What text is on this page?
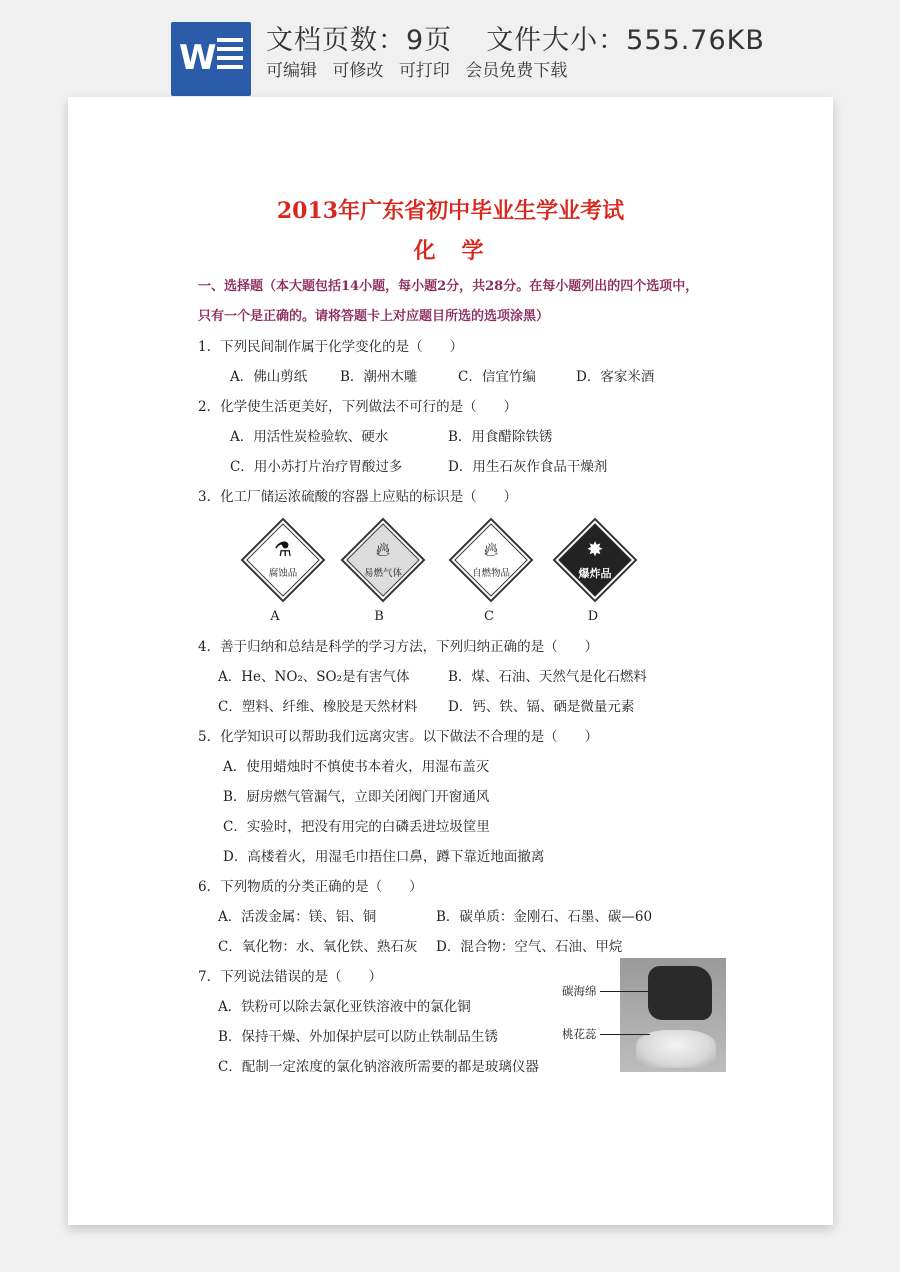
W 文档页数：9页 文件大小：555.76KB
可编辑 可修改 可打印 会员免费下载
2013年广东省初中毕业生学业考试
化学
一、选择题（本大题包括14小题，每小题2分，共28分。在每小题列出的四个选项中，
只有一个是正确的。请将答题卡上对应题目所选的选项涂黑）
1．下列民间制作属于化学变化的是（　　）
A．佛山剪纸 B．潮州木雕	C．信宜竹编	D．客家米酒
2．化学使生活更美好，下列做法不可行的是（　　）
A．用活性炭检验软、硬水	B．用食醋除铁锈
C．用小苏打片治疗胃酸过多	D．用生石灰作食品干燥剂
3．化工厂储运浓硫酸的容器上应贴的标识是（　　）
⚗
腐蚀品
🔥︎
易燃气体
🔥︎
自燃物品
✸
爆炸品
A	B	C	D
4．善于归纳和总结是科学的学习方法，下列归纳正确的是（　　）
A．He、NO₂、SO₂是有害气体	B．煤、石油、天然气是化石燃料
C．塑料、纤维、橡胶是天然材料 D．钙、铁、镉、硒是微量元素
5．化学知识可以帮助我们远离灾害。以下做法不合理的是（　　）
A．使用蜡烛时不慎使书本着火，用湿布盖灭
B．厨房燃气管漏气，立即关闭阀门开窗通风
C．实验时，把没有用完的白磷丢进垃圾筐里
D．高楼着火，用湿毛巾捂住口鼻，蹲下靠近地面撤离
6．下列物质的分类正确的是（　　）
A．活泼金属：镁、铝、铜	B．碳单质：金刚石、石墨、碳—60
C．氧化物：水、氧化铁、熟石灰 D．混合物：空气、石油、甲烷
7．下列说法错误的是（　　）
A．铁粉可以除去氯化亚铁溶液中的氯化铜
B．保持干燥、外加保护层可以防止铁制品生锈
C．配制一定浓度的氯化钠溶液所需要的都是玻璃仪器
碳海绵
桃花蕊
